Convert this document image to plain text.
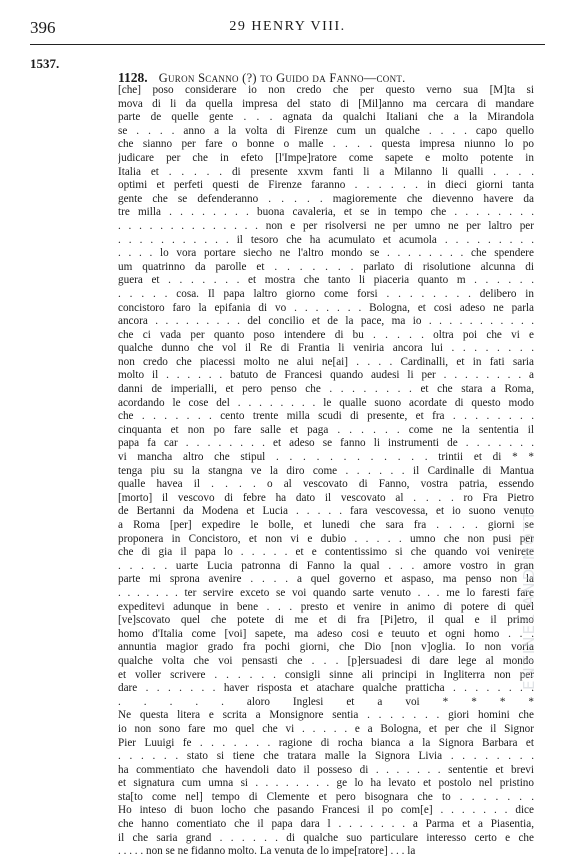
396	29 HENRY VIII.
1537.
1128. Guron Scanno (?) to Guido da Fanno—cont.
[che] poso considerare io non credo che per questo verno sua [M]ta si
mova di li da quella impresa del stato di [Mil]anno ma cercara di mandare
parte de quelle gente . . . agnata da qualchi Italiani che a la Mirandola
se . . . . anno a la volta di Firenze cum un qualche . . . . capo quello
che sianno per fare o bonne o malle . . . . questa impresa niunno lo po
judicare per che in efeto [l'Impe]ratore come sapete e molto potente in
Italia et . . . . . di presente xxvm fanti li a Milanno li qualli . . . .
optimi et perfeti questi de Firenze faranno . . . . . . in dieci giorni tanta
gente che se defenderanno . . . . . magioremente che dievenno havere da
tre milla . . . . . . . . buona cavaleria, et se in tempo che . . . . . . . .
. . . . . . . . . . . . . . non e per risolversi ne per umno ne per laltro per
. . . . . . . . . . . il tesoro che ha acumulato et acumola . . . . . . . . .
. . . . lo vora portare siecho ne l'altro mondo se . . . . . . . . che spendere
um quatrinno da parolle et . . . . . . . parlato di risolutione alcunna di
guera et . . . . . . . et mostra che tanto li piaceria quanto m . . . . . .
. . . . . cosa. Il papa laltro giorno come forsi . . . . . . . . delibero in
concistoro faro la epifania di vo . . . . . . . Bologna, et cosi adeso ne parla
ancora . . . . . . . . . del concilio et de la pace, ma io . . . . . . . . . . .
che ci vada per quanto poso intendere di bu . . . . . oltra poi che vi e
qualche dunno che vol il Re di Frantia li veniria ancora lui . . . . . . . .
non credo che piacessi molto ne alui ne[ai] . . . . Cardinalli, et in fati saria
molto il . . . . . . batuto de Francesi quando audesi li per . . . . . . . . a
danni de imperialli, et pero penso che . . . . . . . . et che stara a Roma,
acordando le cose del . . . . . . . . le qualle suono acordate di questo modo
che . . . . . . . cento trente milla scudi di presente, et fra . . . . . . . .
cinquanta et non po fare salle et paga . . . . . . come ne la sententia il
papa fa car . . . . . . . . et adeso se fanno li instrumenti de . . . . . . .
vi mancha altro che stipul . . . . . . . . . . . . trintii et di * *
tenga piu su la stangna ve la diro come . . . . . . il Cardinalle di Mantua
qualle havea il . . . . o al vescovato di Fanno, vostra patria, essendo
[morto] il vescovo di febre ha dato il vescovato al . . . . ro Fra Pietro
de Bertanni da Modena et Lucia . . . . . fara vescovessa, et io suono venuto
a Roma [per] expedire le bolle, et lunedi che sara fra . . . . giorni se
proponera in Concistoro, et non vi e dubio . . . . . umno che non pusi per
che di gia il papa lo . . . . . et e contentissimo si che quando voi venirete
. . . . . uarte Lucia patronna di Fanno la qual . . . amore vostro in gran
parte mi sprona avenire . . . . a quel governo et aspaso, ma penso non la
. . . . . . . ter servire exceto se voi quando sarte venuto . . . me lo faresti fare
expeditevi adunque in bene . . . presto et venire in animo di potere di quel
[ve]scovato quel che potete di me et di fra [Pi]etro, il qual e il primo
homo d'Italia come [voi] sapete, ma adeso cosi e teuuto et ogni homo . . .
annuntia magior grado fra pochi giorni, che Dio [non v]oglia. Io non voria
qualche volta che voi pensasti che . . . [p]ersuadesi di dare lege al mondo
et voller scrivere . . . . . . consigli sinne ali principi in Ingliterra non per
dare . . . . . . . haver risposta et atachare qualche pratticha . . . . . . . .
. . . . . aloro Inglesi et a voi * * * *
Ne questa litera e scrita a Monsignore sentia . . . . . . . giori homini che
io non sono fare mo quel che vi . . . . . e a Bologna, et per che il Signor
Pier Luuigi fe . . . . . . . ragione di rocha bianca a la Signora Barbara et
. . . . . . stato si tiene che tratara malle la Signora Livia . . . . . . . .
ha commentiato che havendoli dato il posseso di . . . . . . . sententie et brevi
et signatura cum umna si . . . . . . . . ge lo ha levato et postolo nel pristino
sta[to come nel] tempo di Clemente et pero bisognara che to . . . . . . .
Ho inteso di buon locho che pasando Francesi il po com[e] . . . . . . . dice
che hanno comentiato che il papa dara l . . . . . . . a Parma et a Piasentia,
il che saria grand . . . . . . di qualche suo particulare interesso certo e che
. . . . . non se ne fidanno molto. La venuta de lo impe[ratore] . . . la
ENTINEL AND MOTT
